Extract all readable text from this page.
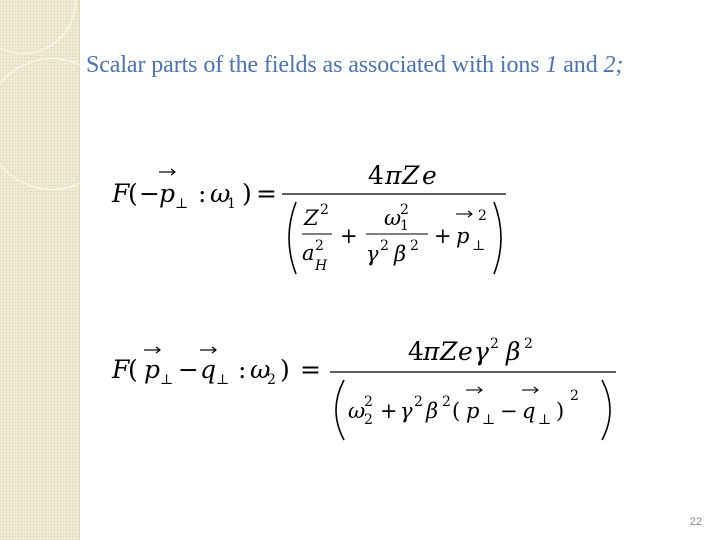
Scalar parts of the fields as associated with ions 1 and 2;
F
( − p ⊥ : ω
1 ) =
4 π Z e
Z 2
a 2
H
+
ω
2
1
γ 2 β 2 + p ⊥
2
F
( p ⊥ − q ⊥ : ω
2 ) =
4 π Z e γ 2 β 2
ω
2
2 + γ 2 β 2 ( p ⊥ − q ⊥ )
2
22
